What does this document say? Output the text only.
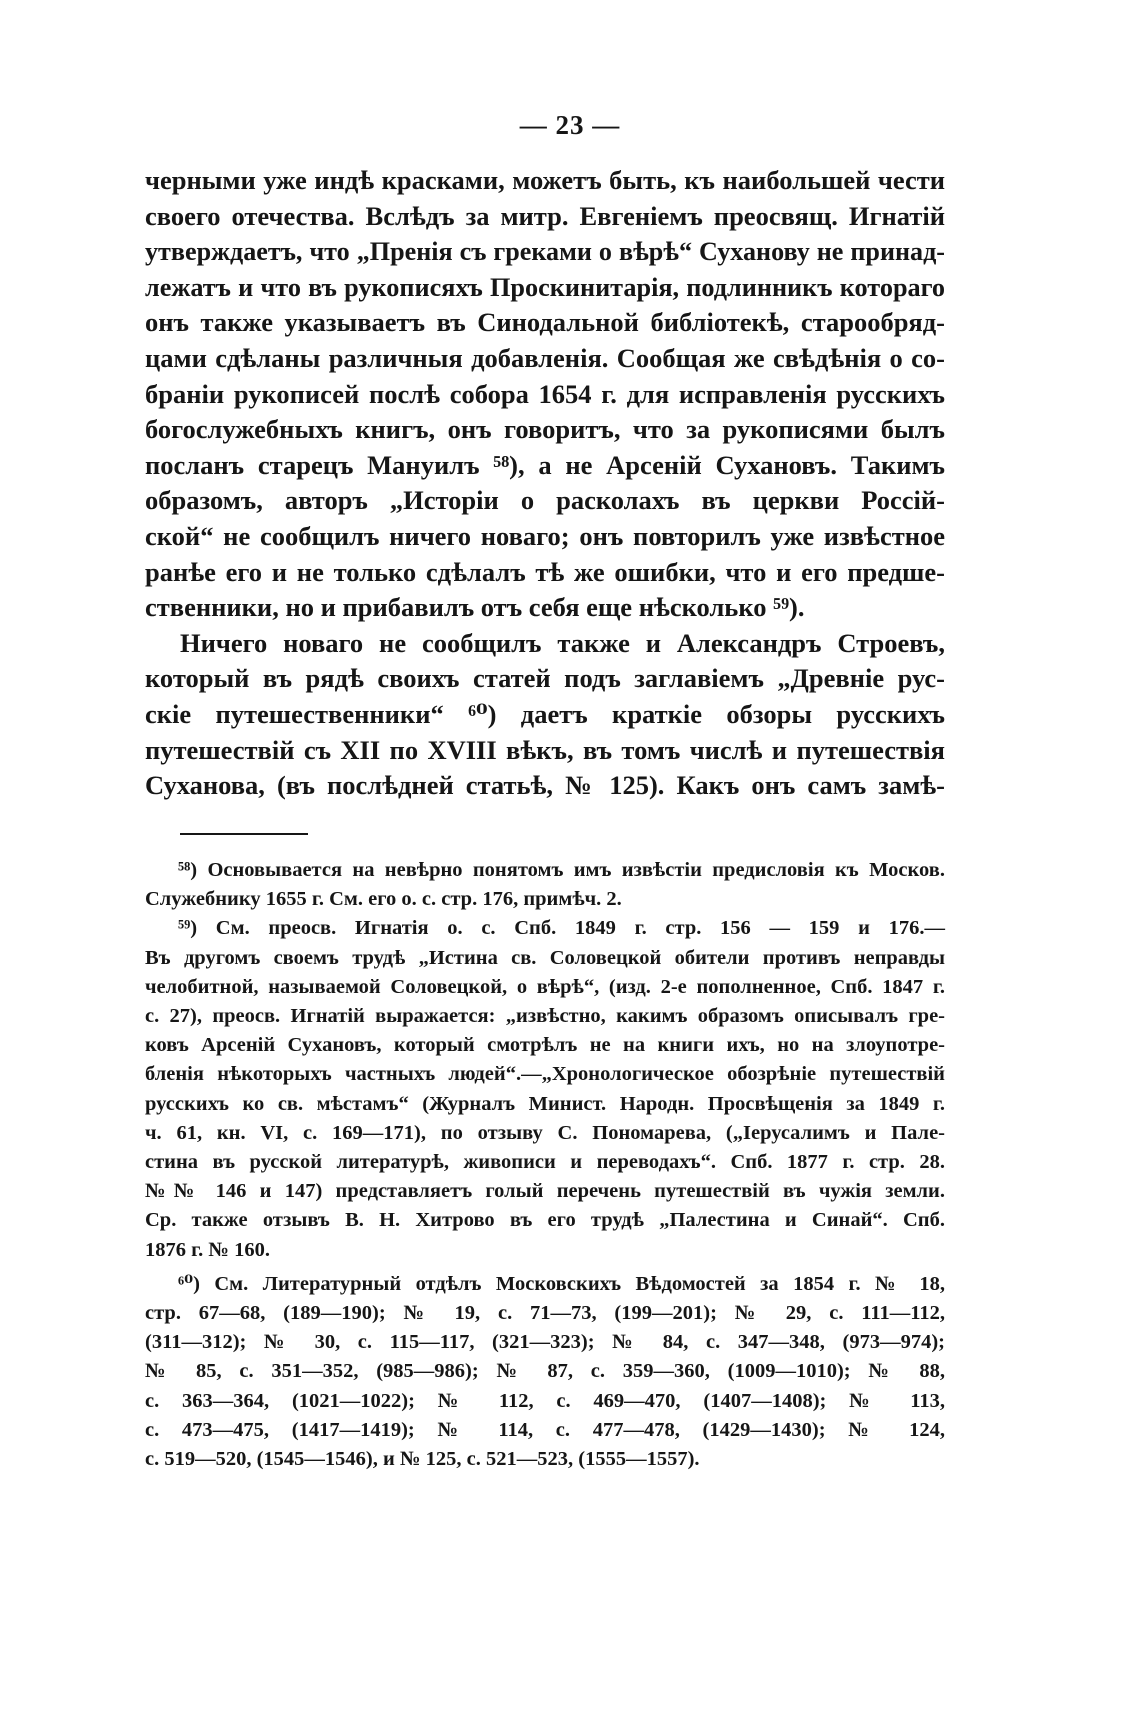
— 23 —
черными уже индѣ красками, можетъ быть, къ наибольшей чести
своего отечества. Вслѣдъ за митр. Евгеніемъ преосвящ. Игнатій
утверждаетъ, что „Пренія съ греками о вѣрѣ“ Суханову не принад-
лежатъ и что въ рукописяхъ Проскинитарія, подлинникъ котораго
онъ также указываетъ въ Синодальной библіотекѣ, старообряд-
цами сдѣланы различныя добавленія. Сообщая же свѣдѣнія о со-
браніи рукописей послѣ собора 1654 г. для исправленія русскихъ
богослужебныхъ книгъ, онъ говоритъ, что за рукописями былъ
посланъ старецъ Мануилъ ⁵⁸), а не Арсеній Сухановъ. Такимъ
образомъ, авторъ „Исторіи о расколахъ въ церкви Россій-
ской“ не сообщилъ ничего новаго; онъ повторилъ уже извѣстное
ранѣе его и не только сдѣлалъ тѣ же ошибки, что и его предше-
ственники, но и прибавилъ отъ себя еще нѣсколько ⁵⁹).
Ничего новаго не сообщилъ также и Александръ Строевъ,
который въ рядѣ своихъ статей подъ заглавіемъ „Древніе рус-
скіе путешественники“ ⁶⁰) даетъ краткіе обзоры русскихъ
путешествій съ XII по XVIII вѣкъ, въ томъ числѣ и путешествія
Суханова, (въ послѣдней статьѣ, № 125). Какъ онъ самъ замѣ-
⁵⁸) Основывается на невѣрно понятомъ имъ извѣстіи предисловія къ Москов.
Служебнику 1655 г. См. его о. с. стр. 176, примѣч. 2.
⁵⁹) См. преосв. Игнатія о. с. Спб. 1849 г. стр. 156 — 159 и 176.—
Въ другомъ своемъ трудѣ „Истина св. Соловецкой обители противъ неправды
челобитной, называемой Соловецкой, о вѣрѣ“, (изд. 2-е пополненное, Спб. 1847 г.
с. 27), преосв. Игнатій выражается: „извѣстно, какимъ образомъ описывалъ гре-
ковъ Арсеній Сухановъ, который смотрѣлъ не на книги ихъ, но на злоупотре-
бленія нѣкоторыхъ частныхъ людей“.—„Хронологическое обозрѣніе путешествій
русскихъ ко св. мѣстамъ“ (Журналъ Минист. Народн. Просвѣщенія за 1849 г.
ч. 61, кн. VI, с. 169—171), по отзыву С. Пономарева, („Іерусалимъ и Пале-
стина въ русской литературѣ, живописи и переводахъ“. Спб. 1877 г. стр. 28.
№№ 146 и 147) представляетъ голый перечень путешествій въ чужія земли.
Ср. также отзывъ В. Н. Хитрово въ его трудѣ „Палестина и Синай“. Спб.
1876 г. № 160.
⁶⁰) См. Литературный отдѣлъ Московскихъ Вѣдомостей за 1854 г. № 18,
стр. 67—68, (189—190); № 19, с. 71—73, (199—201); № 29, с. 111—112,
(311—312); № 30, с. 115—117, (321—323); № 84, с. 347—348, (973—974);
№ 85, с. 351—352, (985—986); № 87, с. 359—360, (1009—1010); № 88,
с. 363—364, (1021—1022); № 112, с. 469—470, (1407—1408); № 113,
с. 473—475, (1417—1419); № 114, с. 477—478, (1429—1430); № 124,
с. 519—520, (1545—1546), и № 125, с. 521—523, (1555—1557).
